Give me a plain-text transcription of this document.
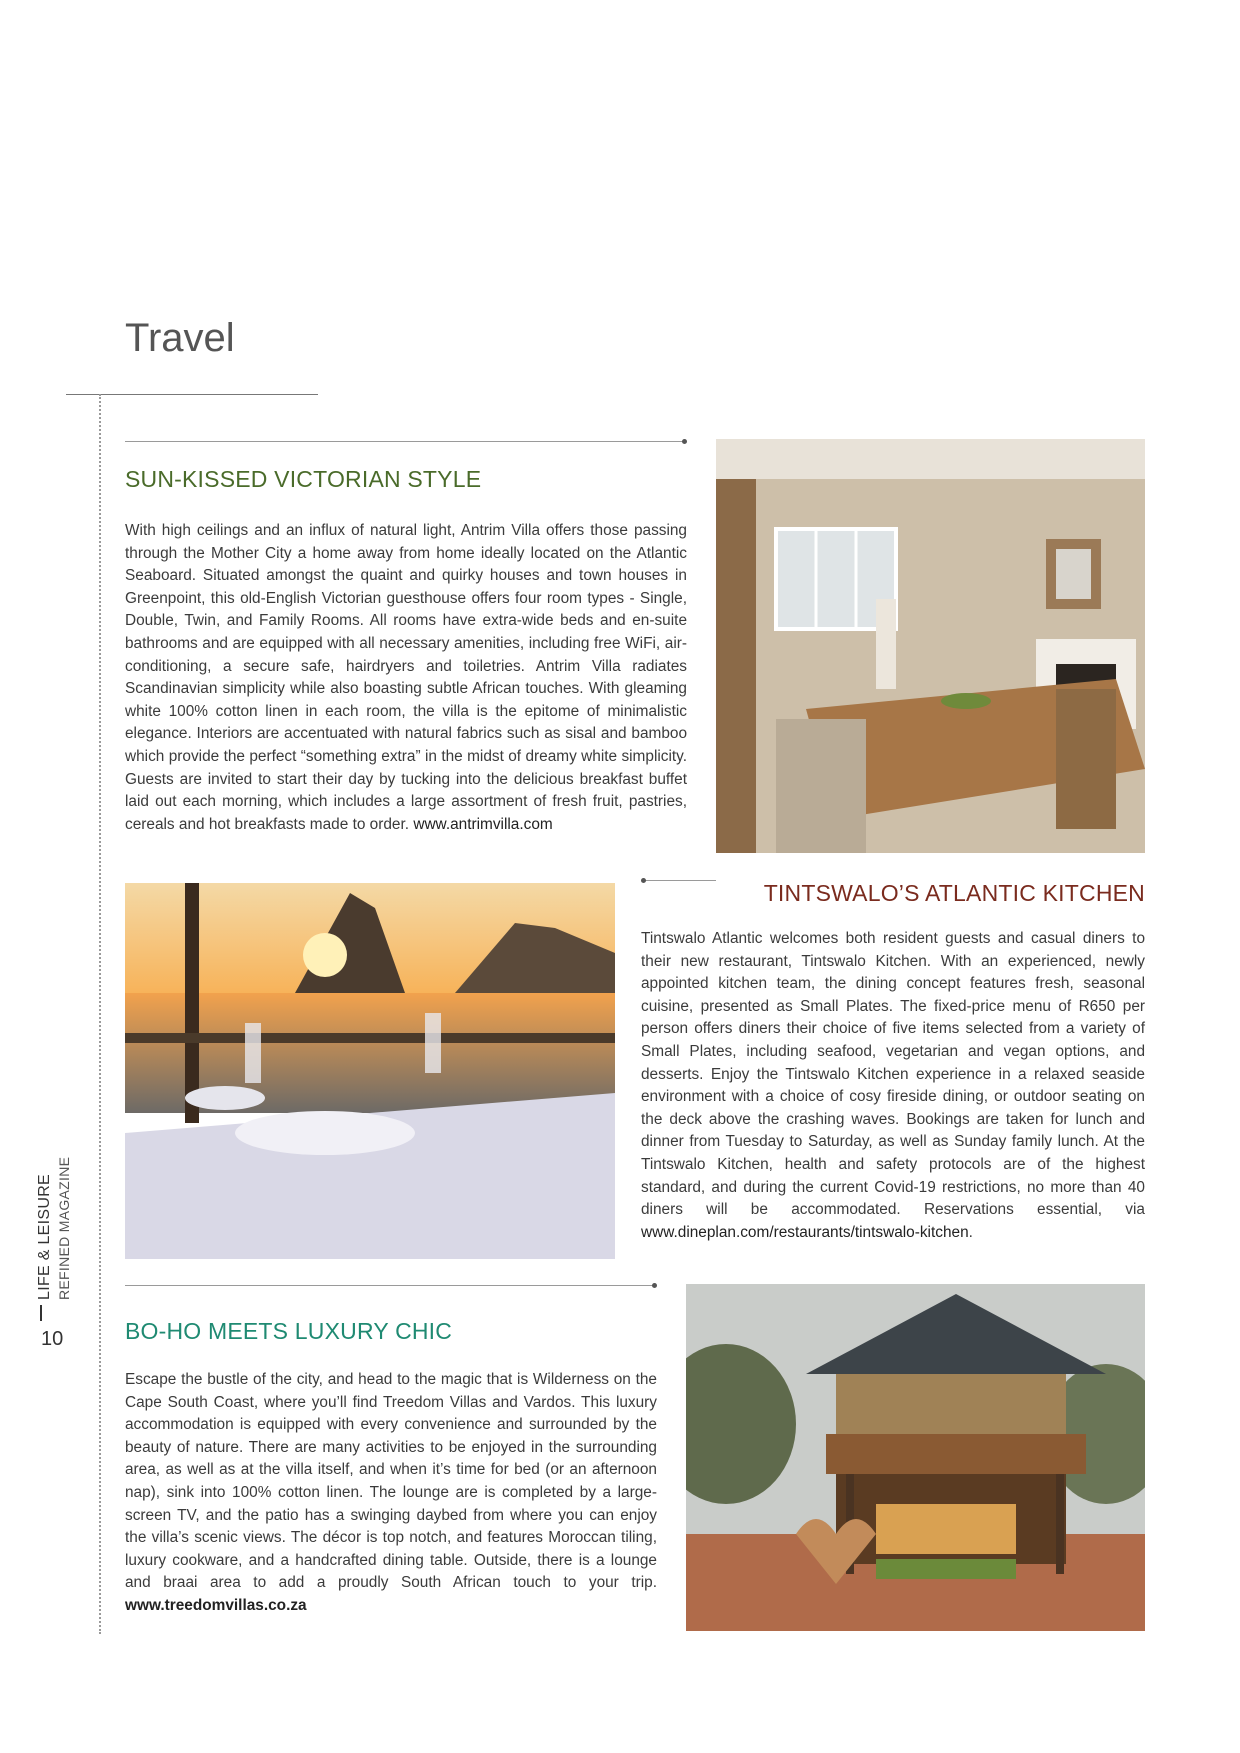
Travel
LIFE & LEISURE REFINED MAGAZINE
10
SUN-KISSED VICTORIAN STYLE

With high ceilings and an influx of natural light, Antrim Villa offers those passing through the Mother City a home away from home ideally located on the Atlantic Seaboard. Situated amongst the quaint and quirky houses and town houses in Greenpoint, this old-English Victorian guesthouse offers four room types - Single, Double, Twin, and Family Rooms. All rooms have extra-wide beds and en-suite bathrooms and are equipped with all necessary amenities, including free WiFi, air-conditioning, a secure safe, hairdryers and toiletries. Antrim Villa radiates Scandinavian simplicity while also boasting subtle African touches. With gleaming white 100% cotton linen in each room, the villa is the epitome of minimalistic elegance. Interiors are accentuated with natural fabrics such as sisal and bamboo which provide the perfect “something extra” in the midst of dreamy white simplicity. Guests are invited to start their day by tucking into the delicious breakfast buffet laid out each morning, which includes a large assortment of fresh fruit, pastries, cereals and hot breakfasts made to order. www.antrimvilla.com

TINTSWALO’S ATLANTIC KITCHEN

Tintswalo Atlantic welcomes both resident guests and casual diners to their new restaurant, Tintswalo Kitchen. With an experienced, newly appointed kitchen team, the dining concept features fresh, seasonal cuisine, presented as Small Plates. The fixed-price menu of R650 per person offers diners their choice of five items selected from a variety of Small Plates, including seafood, vegetarian and vegan options, and desserts. Enjoy the Tintswalo Kitchen experience in a relaxed seaside environment with a choice of cosy fireside dining, or outdoor seating on the deck above the crashing waves. Bookings are taken for lunch and dinner from Tuesday to Saturday, as well as Sunday family lunch. At the Tintswalo Kitchen, health and safety protocols are of the highest standard, and during the current Covid-19 restrictions, no more than 40 diners will be accommodated. Reservations essential, via www.dineplan.com/restaurants/tintswalo-kitchen.

BO-HO MEETS LUXURY CHIC

Escape the bustle of the city, and head to the magic that is Wilderness on the Cape South Coast, where you’ll find Treedom Villas and Vardos. This luxury accommodation is equipped with every convenience and surrounded by the beauty of nature. There are many activities to be enjoyed in the surrounding area, as well as at the villa itself, and when it’s time for bed (or an afternoon nap), sink into 100% cotton linen. The lounge are is completed by a large-screen TV, and the patio has a swinging daybed from where you can enjoy the villa’s scenic views. The décor is top notch, and features Moroccan tiling, luxury cookware, and a handcrafted dining table. Outside, there is a lounge and braai area to add a proudly South African touch to your trip. www.treedomvillas.co.za
